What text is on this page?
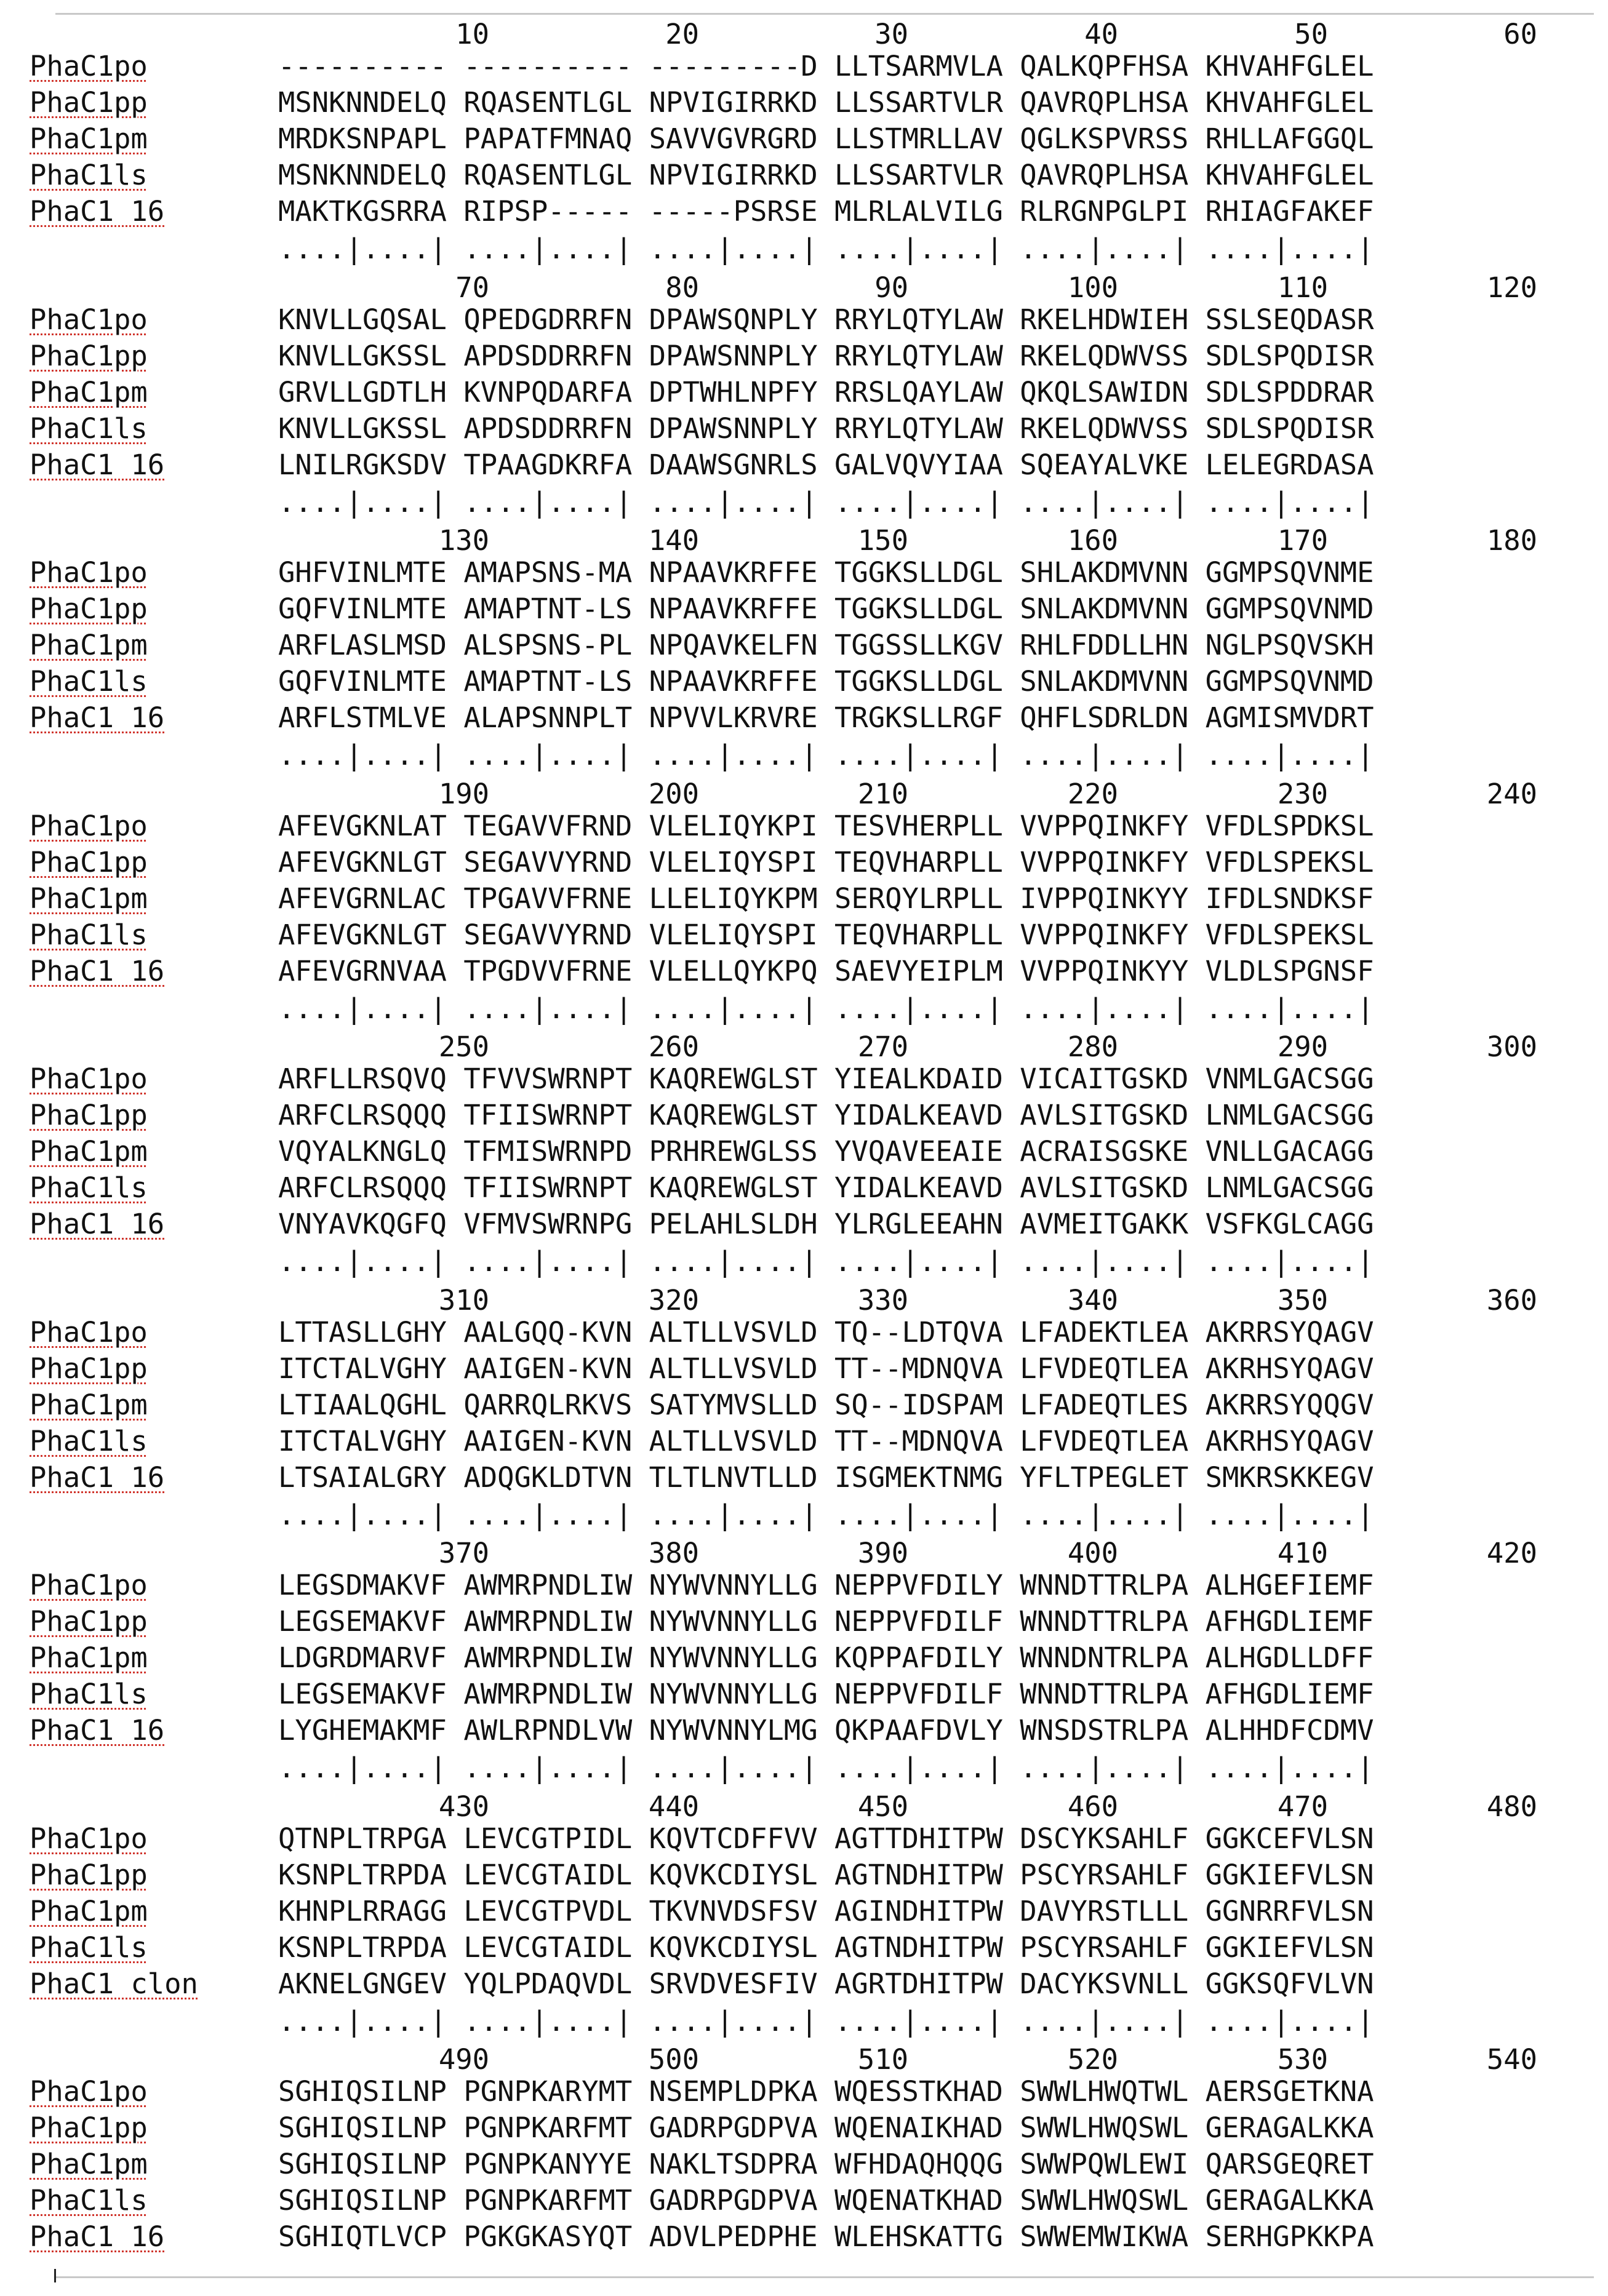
10	20	30	40	50	60
PhaC1po	---------- ---------- ---------D LLTSARMVLA QALKQPFHSA KHVAHFGLEL
PhaC1pp	MSNKNNDELQ RQASENTLGL NPVIGIRRKD LLSSARTVLR QAVRQPLHSA KHVAHFGLEL
PhaC1pm	MRDKSNPAPL PAPATFMNAQ SAVVGVRGRD LLSTMRLLAV QGLKSPVRSS RHLLAFGGQL
PhaC1ls	MSNKNNDELQ RQASENTLGL NPVIGIRRKD LLSSARTVLR QAVRQPLHSA KHVAHFGLEL
PhaC1 16	MAKTKGSRRA RIPSP----- -----PSRSE MLRLALVILG RLRGNPGLPI RHIAGFAKEF
....|....| ....|....| ....|....| ....|....| ....|....| ....|....|
70	80	90	100	110	120
PhaC1po	KNVLLGQSAL QPEDGDRRFN DPAWSQNPLY RRYLQTYLAW RKELHDWIEH SSLSEQDASR
PhaC1pp	KNVLLGKSSL APDSDDRRFN DPAWSNNPLY RRYLQTYLAW RKELQDWVSS SDLSPQDISR
PhaC1pm	GRVLLGDTLH KVNPQDARFA DPTWHLNPFY RRSLQAYLAW QKQLSAWIDN SDLSPDDRAR
PhaC1ls	KNVLLGKSSL APDSDDRRFN DPAWSNNPLY RRYLQTYLAW RKELQDWVSS SDLSPQDISR
PhaC1 16	LNILRGKSDV TPAAGDKRFA DAAWSGNRLS GALVQVYIAA SQEAYALVKE LELEGRDASA
....|....| ....|....| ....|....| ....|....| ....|....| ....|....|
130	140	150	160	170	180
PhaC1po	GHFVINLMTE AMAPSNS-MA NPAAVKRFFE TGGKSLLDGL SHLAKDMVNN GGMPSQVNME
PhaC1pp	GQFVINLMTE AMAPTNT-LS NPAAVKRFFE TGGKSLLDGL SNLAKDMVNN GGMPSQVNMD
PhaC1pm	ARFLASLMSD ALSPSNS-PL NPQAVKELFN TGGSSLLKGV RHLFDDLLHN NGLPSQVSKH
PhaC1ls	GQFVINLMTE AMAPTNT-LS NPAAVKRFFE TGGKSLLDGL SNLAKDMVNN GGMPSQVNMD
PhaC1 16	ARFLSTMLVE ALAPSNNPLT NPVVLKRVRE TRGKSLLRGF QHFLSDRLDN AGMISMVDRT
....|....| ....|....| ....|....| ....|....| ....|....| ....|....|
190	200	210	220	230	240
PhaC1po	AFEVGKNLAT TEGAVVFRND VLELIQYKPI TESVHERPLL VVPPQINKFY VFDLSPDKSL
PhaC1pp	AFEVGKNLGT SEGAVVYRND VLELIQYSPI TEQVHARPLL VVPPQINKFY VFDLSPEKSL
PhaC1pm	AFEVGRNLAC TPGAVVFRNE LLELIQYKPM SERQYLRPLL IVPPQINKYY IFDLSNDKSF
PhaC1ls	AFEVGKNLGT SEGAVVYRND VLELIQYSPI TEQVHARPLL VVPPQINKFY VFDLSPEKSL
PhaC1 16	AFEVGRNVAA TPGDVVFRNE VLELLQYKPQ SAEVYEIPLM VVPPQINKYY VLDLSPGNSF
....|....| ....|....| ....|....| ....|....| ....|....| ....|....|
250	260	270	280	290	300
PhaC1po	ARFLLRSQVQ TFVVSWRNPT KAQREWGLST YIEALKDAID VICAITGSKD VNMLGACSGG
PhaC1pp	ARFCLRSQQQ TFIISWRNPT KAQREWGLST YIDALKEAVD AVLSITGSKD LNMLGACSGG
PhaC1pm	VQYALKNGLQ TFMISWRNPD PRHREWGLSS YVQAVEEAIE ACRAISGSKE VNLLGACAGG
PhaC1ls	ARFCLRSQQQ TFIISWRNPT KAQREWGLST YIDALKEAVD AVLSITGSKD LNMLGACSGG
PhaC1 16	VNYAVKQGFQ VFMVSWRNPG PELAHLSLDH YLRGLEEAHN AVMEITGAKK VSFKGLCAGG
....|....| ....|....| ....|....| ....|....| ....|....| ....|....|
310	320	330	340	350	360
PhaC1po	LTTASLLGHY AALGQQ-KVN ALTLLVSVLD TQ--LDTQVA LFADEKTLEA AKRRSYQAGV
PhaC1pp	ITCTALVGHY AAIGEN-KVN ALTLLVSVLD TT--MDNQVA LFVDEQTLEA AKRHSYQAGV
PhaC1pm	LTIAALQGHL QARRQLRKVS SATYMVSLLD SQ--IDSPAM LFADEQTLES AKRRSYQQGV
PhaC1ls	ITCTALVGHY AAIGEN-KVN ALTLLVSVLD TT--MDNQVA LFVDEQTLEA AKRHSYQAGV
PhaC1 16	LTSAIALGRY ADQGKLDTVN TLTLNVTLLD ISGMEKTNMG YFLTPEGLET SMKRSKKEGV
....|....| ....|....| ....|....| ....|....| ....|....| ....|....|
370	380	390	400	410	420
PhaC1po	LEGSDMAKVF AWMRPNDLIW NYWVNNYLLG NEPPVFDILY WNNDTTRLPA ALHGEFIEMF
PhaC1pp	LEGSEMAKVF AWMRPNDLIW NYWVNNYLLG NEPPVFDILF WNNDTTRLPA AFHGDLIEMF
PhaC1pm	LDGRDMARVF AWMRPNDLIW NYWVNNYLLG KQPPAFDILY WNNDNTRLPA ALHGDLLDFF
PhaC1ls	LEGSEMAKVF AWMRPNDLIW NYWVNNYLLG NEPPVFDILF WNNDTTRLPA AFHGDLIEMF
PhaC1 16	LYGHEMAKMF AWLRPNDLVW NYWVNNYLMG QKPAAFDVLY WNSDSTRLPA ALHHDFCDMV
....|....| ....|....| ....|....| ....|....| ....|....| ....|....|
430	440	450	460	470	480
PhaC1po	QTNPLTRPGA LEVCGTPIDL KQVTCDFFVV AGTTDHITPW DSCYKSAHLF GGKCEFVLSN
PhaC1pp	KSNPLTRPDA LEVCGTAIDL KQVKCDIYSL AGTNDHITPW PSCYRSAHLF GGKIEFVLSN
PhaC1pm	KHNPLRRAGG LEVCGTPVDL TKVNVDSFSV AGINDHITPW DAVYRSTLLL GGNRRFVLSN
PhaC1ls	KSNPLTRPDA LEVCGTAIDL KQVKCDIYSL AGTNDHITPW PSCYRSAHLF GGKIEFVLSN
PhaC1 clon	AKNELGNGEV YQLPDAQVDL SRVDVESFIV AGRTDHITPW DACYKSVNLL GGKSQFVLVN
....|....| ....|....| ....|....| ....|....| ....|....| ....|....|
490	500	510	520	530	540
PhaC1po	SGHIQSILNP PGNPKARYMT NSEMPLDPKA WQESSTKHAD SWWLHWQTWL AERSGETKNA
PhaC1pp	SGHIQSILNP PGNPKARFMT GADRPGDPVA WQENAIKHAD SWWLHWQSWL GERAGALKKA
PhaC1pm	SGHIQSILNP PGNPKANYYE NAKLTSDPRA WFHDAQHQQG SWWPQWLEWI QARSGEQRET
PhaC1ls	SGHIQSILNP PGNPKARFMT GADRPGDPVA WQENATKHAD SWWLHWQSWL GERAGALKKA
PhaC1 16	SGHIQTLVCP PGKGKASYQT ADVLPEDPHE WLEHSKATTG SWWEMWIKWA SERHGPKKPA
